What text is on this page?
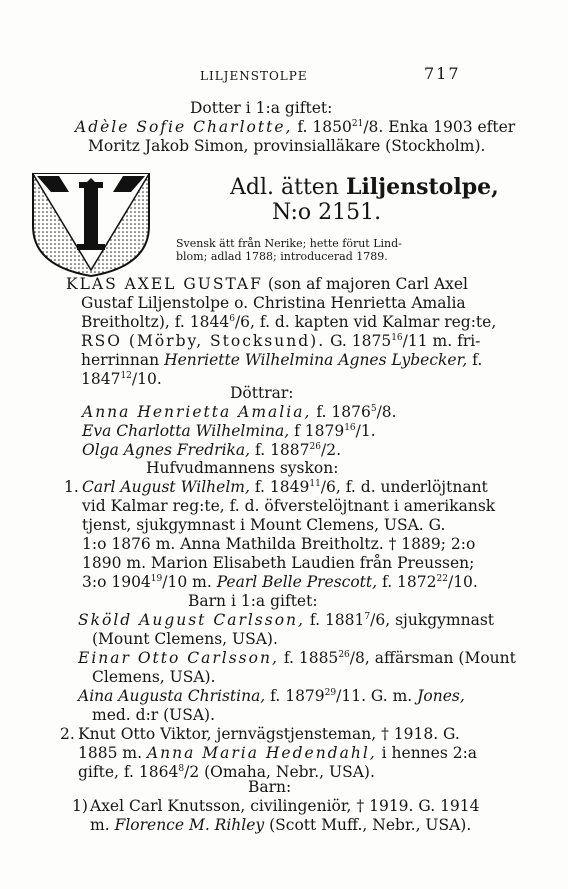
LILJENSTOLPE	717
Dotter i 1:a giftet:
Adèle Sofie Charlotte, f. 1850$^{21}$/8. Enka 1903 efter
Moritz Jakob Simon, provinsialläkare (Stockholm).
Adl. ätten Liljenstolpe,
N:o 2151.
Svensk ätt från Nerike; hette förut Lind-
blom; adlad 1788; introducerad 1789.
KLAS AXEL GUSTAF (son af majoren Carl Axel
Gustaf Liljenstolpe o. Christina Henrietta Amalia
Breitholtz), f. 1844$^6$/6, f. d. kapten vid Kalmar reg:te,
RSO (Mörby, Stocksund). G. 1875$^{16}$/11 m. fri-
herrinnan Henriette Wilhelmina Agnes Lybecker, f.
1847$^{12}$/10.
Döttrar:
Anna Henrietta Amalia, f. 1876$^5$/8.
Eva Charlotta Wilhelmina, f 1879$^{16}$/1.
Olga Agnes Fredrika, f. 1887$^{26}$/2.
Hufvudmannens syskon:
1. Carl August Wilhelm, f. 1849$^{11}$/6, f. d. underlöjtnant
vid Kalmar reg:te, f. d. öfverstelöjtnant i amerikansk
tjenst, sjukgymnast i Mount Clemens, USA. G.
1:o 1876 m. Anna Mathilda Breitholtz. † 1889; 2:o
1890 m. Marion Elisabeth Laudien från Preussen;
3:o 1904$^{19}$/10 m. Pearl Belle Prescott, f. 1872$^{22}$/10.
Barn i 1:a giftet:
Sköld August Carlsson, f. 1881$^7$/6, sjukgymnast
(Mount Clemens, USA).
Einar Otto Carlsson, f. 1885$^{26}$/8, affärsman (Mount
Clemens, USA).
Aina Augusta Christina, f. 1879$^{29}$/11. G. m. Jones,
med. d:r (USA).
2. Knut Otto Viktor, jernvägstjensteman, † 1918. G.
1885 m. Anna Maria Hedendahl, i hennes 2:a
gifte, f. 1864$^8$/2 (Omaha, Nebr., USA).
Barn:
1) Axel Carl Knutsson, civilingeniör, † 1919. G. 1914
m. Florence M. Rihley (Scott Muff., Nebr., USA).
